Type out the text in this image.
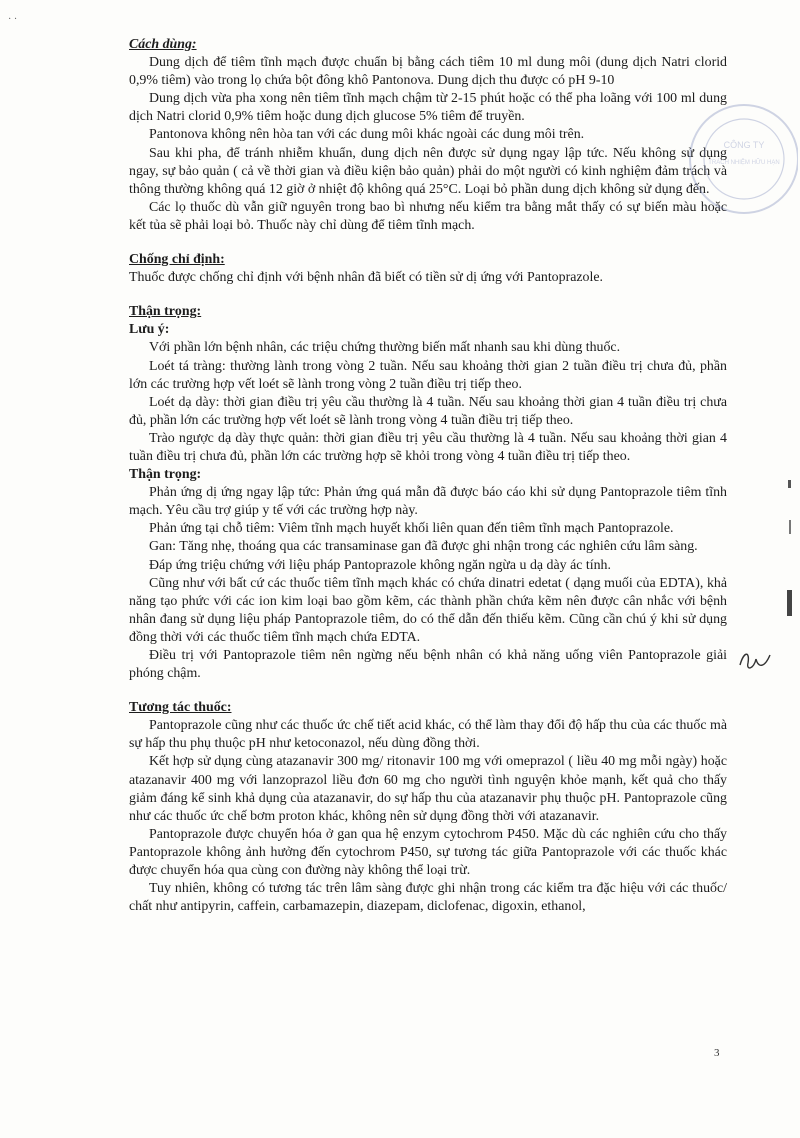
· ·

Cách dùng:

Dung dịch để tiêm tĩnh mạch được chuẩn bị bằng cách tiêm 10 ml dung môi (dung dịch Natri clorid 0,9% tiêm) vào trong lọ chứa bột đông khô Pantonova. Dung dịch thu được có pH 9-10

Dung dịch vừa pha xong nên tiêm tĩnh mạch chậm từ 2-15 phút hoặc có thể pha loãng với 100 ml dung dịch Natri clorid 0,9% tiêm hoặc dung dịch glucose 5% tiêm để truyền.

Pantonova không nên hòa tan với các dung môi khác ngoài các dung môi trên.

Sau khi pha, để tránh nhiễm khuẩn, dung dịch nên được sử dụng ngay lập tức. Nếu không sử dụng ngay, sự bảo quản ( cả về thời gian và điều kiện bảo quản) phải do một người có kinh nghiệm đảm trách và thông thường không quá 12 giờ ở nhiệt độ không quá 25°C. Loại bỏ phần dung dịch không sử dụng đến.

Các lọ thuốc dù vẫn giữ nguyên trong bao bì nhưng nếu kiểm tra bằng mắt thấy có sự biến màu hoặc kết tủa sẽ phải loại bỏ. Thuốc này chỉ dùng để tiêm tĩnh mạch.

Chống chỉ định:

Thuốc được chống chỉ định với bệnh nhân đã biết có tiền sử dị ứng với Pantoprazole.

Thận trọng:

Lưu ý:

Với phần lớn bệnh nhân, các triệu chứng thường biến mất nhanh sau khi dùng thuốc.

Loét tá tràng: thường lành trong vòng 2 tuần. Nếu sau khoảng thời gian 2 tuần điều trị chưa đủ, phần lớn các trường hợp vết loét sẽ lành trong vòng 2 tuần điều trị tiếp theo.

Loét dạ dày: thời gian điều trị yêu cầu thường là 4 tuần. Nếu sau khoảng thời gian 4 tuần điều trị chưa đủ, phần lớn các trường hợp vết loét sẽ lành trong vòng 4 tuần điều trị tiếp theo.

Trào ngược dạ dày thực quản: thời gian điều trị yêu cầu thường là 4 tuần. Nếu sau khoảng thời gian 4 tuần điều trị chưa đủ, phần lớn các trường hợp sẽ khỏi trong vòng 4 tuần điều trị tiếp theo.

Thận trọng:

Phản ứng dị ứng ngay lập tức: Phản ứng quá mẫn đã được báo cáo khi sử dụng Pantoprazole tiêm tĩnh mạch. Yêu cầu trợ giúp y tế với các trường hợp này.

Phản ứng tại chỗ tiêm: Viêm tĩnh mạch huyết khối liên quan đến tiêm tĩnh mạch Pantoprazole.

Gan: Tăng nhẹ, thoáng qua các transaminase gan đã được ghi nhận trong các nghiên cứu lâm sàng.

Đáp ứng triệu chứng với liệu pháp Pantoprazole không ngăn ngừa u dạ dày ác tính.

Cũng như với bất cứ các thuốc tiêm tĩnh mạch khác có chứa dinatri edetat ( dạng muối của EDTA), khả năng tạo phức với các ion kim loại bao gồm kẽm, các thành phần chứa kẽm nên được cân nhắc với bệnh nhân đang sử dụng liệu pháp Pantoprazole tiêm, do có thể dẫn đến thiếu kẽm. Cũng cần chú ý khi sử dụng đồng thời với các thuốc tiêm tĩnh mạch chứa EDTA.

Điều trị với Pantoprazole tiêm nên ngừng nếu bệnh nhân có khả năng uống viên Pantoprazole giải phóng chậm.

Tương tác thuốc:

Pantoprazole cũng như các thuốc ức chế tiết acid khác, có thể làm thay đổi độ hấp thu của các thuốc mà sự hấp thu phụ thuộc pH như ketoconazol, nếu dùng đồng thời.

Kết hợp sử dụng cùng atazanavir 300 mg/ ritonavir 100 mg với omeprazol ( liều 40 mg mỗi ngày) hoặc atazanavir 400 mg với lanzoprazol liều đơn 60 mg cho người tình nguyện khỏe mạnh, kết quả cho thấy giảm đáng kể sinh khả dụng của atazanavir, do sự hấp thu của atazanavir phụ thuộc pH. Pantoprazole cũng như các thuốc ức chế bơm proton khác, không nên sử dụng đồng thời với atazanavir.

Pantoprazole được chuyển hóa ở gan qua hệ enzym cytochrom P450. Mặc dù các nghiên cứu cho thấy Pantoprazole không ảnh hưởng đến cytochrom P450, sự tương tác giữa Pantoprazole với các thuốc khác được chuyển hóa qua cùng con đường này không thể loại trừ.

Tuy nhiên, không có tương tác trên lâm sàng được ghi nhận trong các kiểm tra đặc hiệu với các thuốc/ chất như antipyrin, caffein, carbamazepin, diazepam, diclofenac, digoxin, ethanol,

CÔNG TY
TRÁCH NHIỆM HỮU HẠN
3
